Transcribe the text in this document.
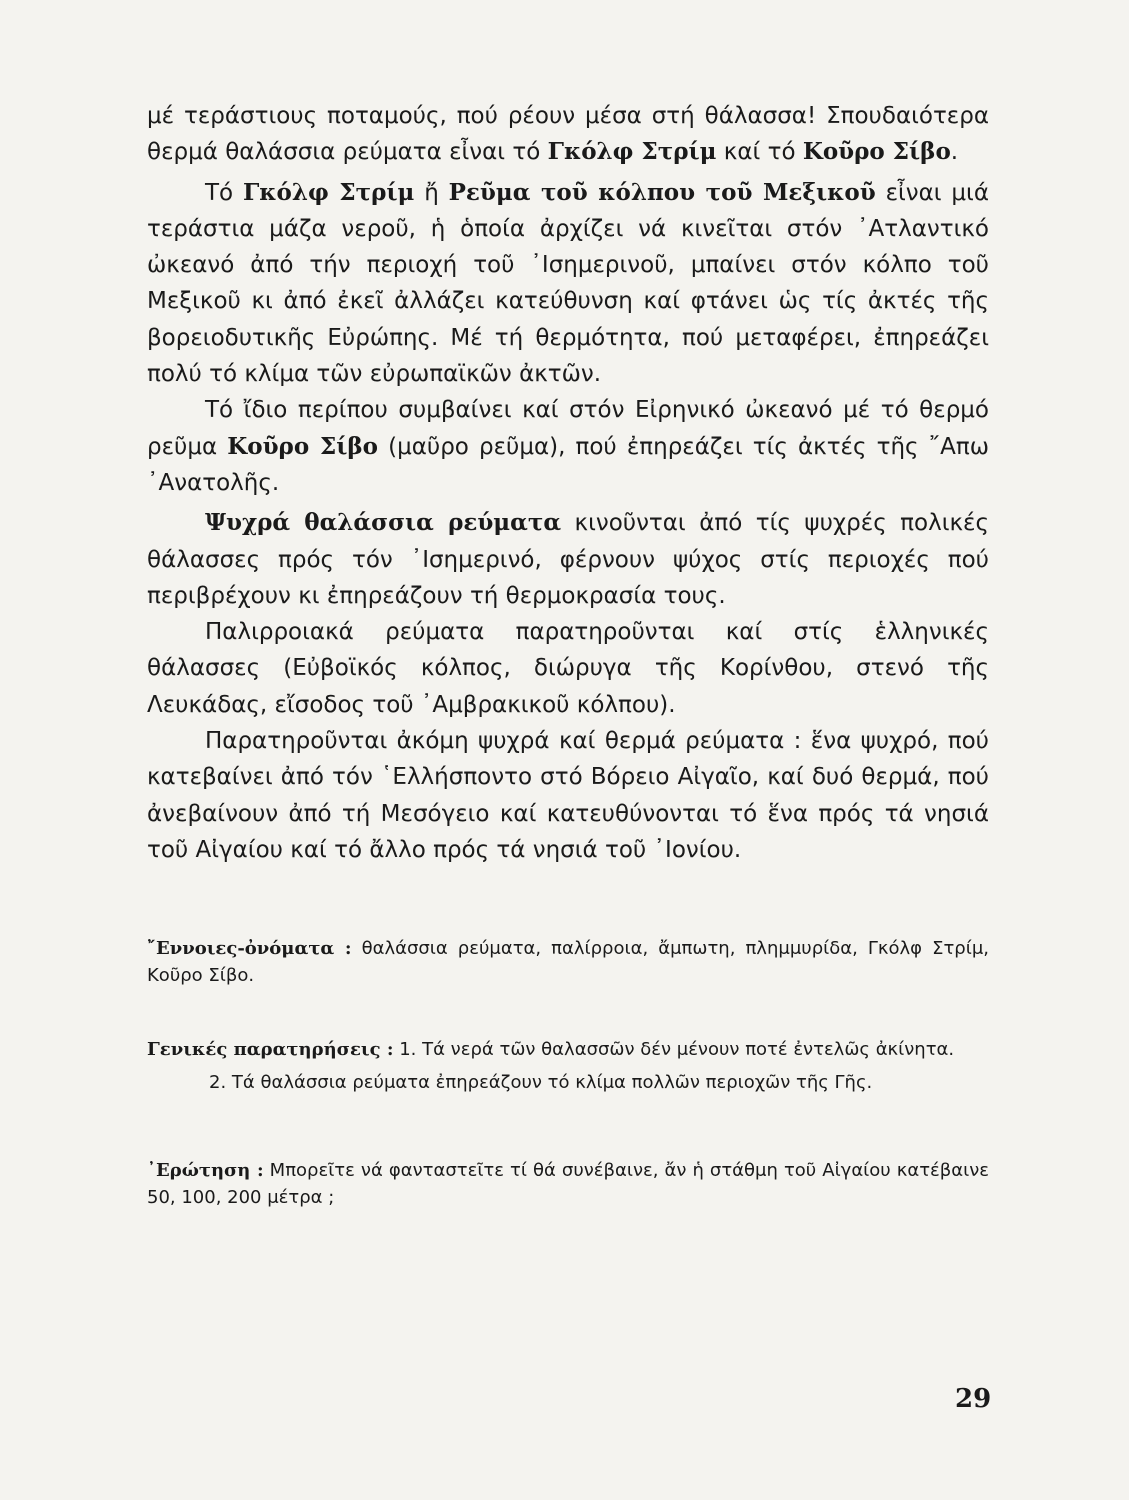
μέ τεράστιους ποταμούς, πού ρέουν μέσα στή θάλασσα! Σπουδαιότερα θερμά θαλάσσια ρεύματα εἶναι τό Γκόλφ Στρίμ καί τό Κοῦρο Σίβο.

Τό Γκόλφ Στρίμ ἤ Ρεῦμα τοῦ κόλπου τοῦ Μεξικοῦ εἶναι μιά τεράστια μάζα νεροῦ, ἡ ὁποία ἀρχίζει νά κινεῖται στόν ᾿Ατλαντικό ὠκεανό ἀπό τήν περιοχή τοῦ ᾿Ισημερινοῦ, μπαίνει στόν κόλπο τοῦ Μεξικοῦ κι ἀπό ἐκεῖ ἀλλάζει κατεύθυνση καί φτάνει ὡς τίς ἀκτές τῆς βορειοδυτικῆς Εὐρώπης. Μέ τή θερμότητα, πού μεταφέρει, ἐπηρεάζει πολύ τό κλίμα τῶν εὐρωπαϊκῶν ἀκτῶν.

Τό ἴδιο περίπου συμβαίνει καί στόν Εἰρηνικό ὠκεανό μέ τό θερμό ρεῦμα Κοῦρο Σίβο (μαῦρο ρεῦμα), πού ἐπηρεάζει τίς ἀκτές τῆς ῎Απω ᾿Ανατολῆς.

Ψυχρά θαλάσσια ρεύματα κινοῦνται ἀπό τίς ψυχρές πολικές θάλασσες πρός τόν ᾿Ισημερινό, φέρνουν ψύχος στίς περιοχές πού περιβρέχουν κι ἐπηρεάζουν τή θερμοκρασία τους.

Παλιρροιακά ρεύματα παρατηροῦνται καί στίς ἑλληνικές θάλασσες (Εὐβοϊκός κόλπος, διώρυγα τῆς Κορίνθου, στενό τῆς Λευκάδας, εἴσοδος τοῦ ᾿Αμβρακικοῦ κόλπου).

Παρατηροῦνται ἀκόμη ψυχρά καί θερμά ρεύματα : ἕνα ψυχρό, πού κατεβαίνει ἀπό τόν ῾Ελλήσποντο στό Βόρειο Αἰγαῖο, καί δυό θερμά, πού ἀνεβαίνουν ἀπό τή Μεσόγειο καί κατευθύνονται τό ἕνα πρός τά νησιά τοῦ Αἰγαίου καί τό ἄλλο πρός τά νησιά τοῦ ᾿Ιονίου.

῎Εννοιες-ὀνόματα : θαλάσσια ρεύματα, παλίρροια, ἄμπωτη, πλημμυρίδα, Γκόλφ Στρίμ, Κοῦρο Σίβο.

Γενικές παρατηρήσεις : 1. Τά νερά τῶν θαλασσῶν δέν μένουν ποτέ ἐντελῶς ἀκίνητα.

2. Τά θαλάσσια ρεύματα ἐπηρεάζουν τό κλίμα πολλῶν περιοχῶν τῆς Γῆς.

᾿Ερώτηση : Μπορεῖτε νά φανταστεῖτε τί θά συνέβαινε, ἄν ἡ στάθμη τοῦ Αἰγαίου κατέβαινε 50, 100, 200 μέτρα ;

29
